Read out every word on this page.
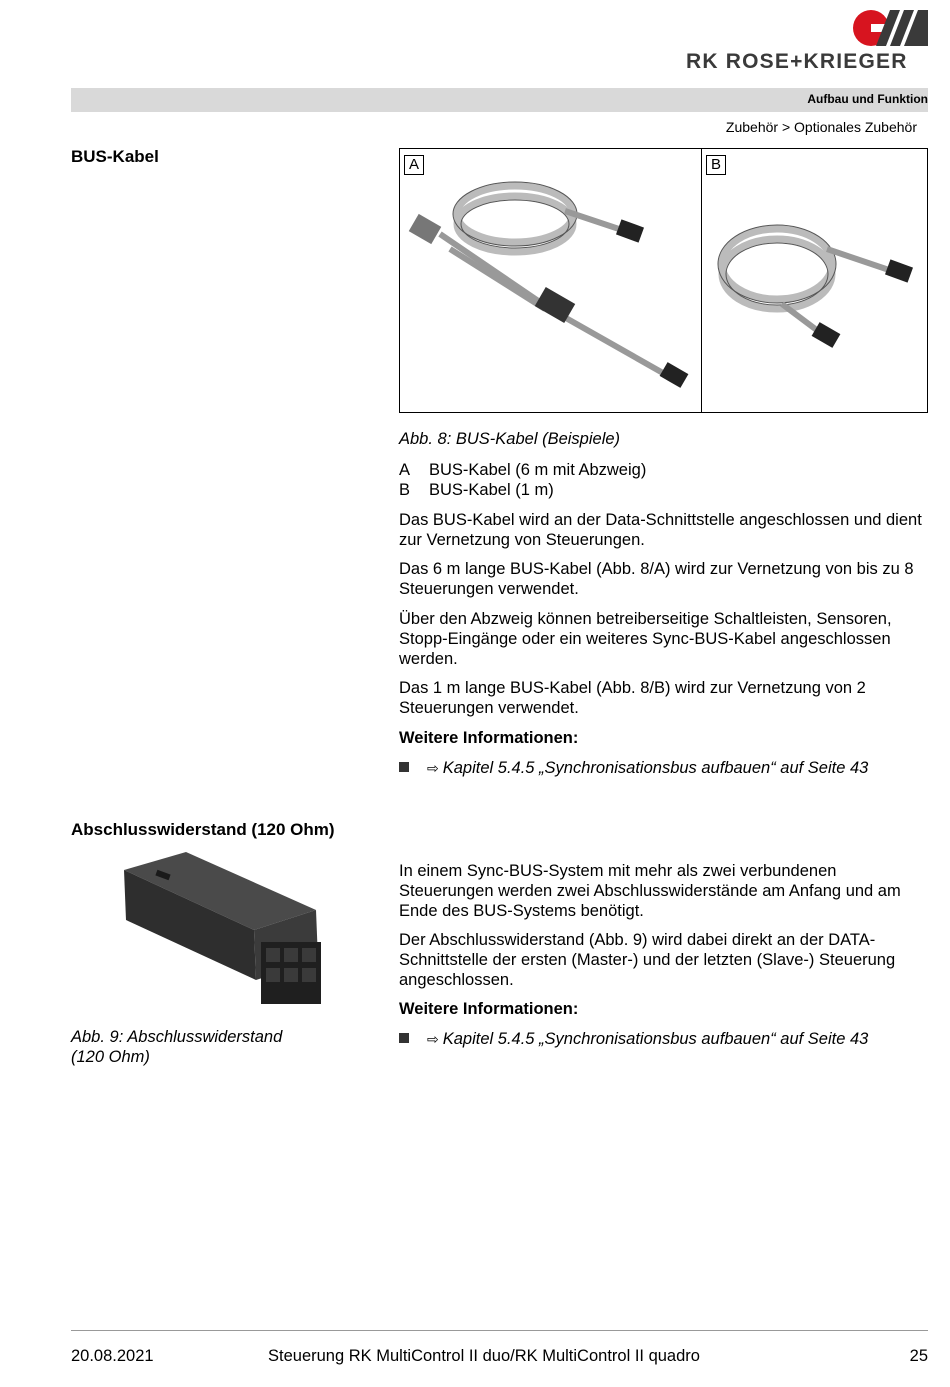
RK ROSE+KRIEGER
Aufbau und Funktion
Zubehör > Optionales Zubehör
BUS-Kabel	A	B
Abb. 8: BUS-Kabel (Beispiele)
A BUS-Kabel (6 m mit Abzweig)
B BUS-Kabel (1 m)

Das BUS-Kabel wird an der Data-Schnittstelle angeschlossen und dient zur Vernetzung von Steuerungen.

Das 6 m lange BUS-Kabel (Abb. 8/A) wird zur Vernetzung von bis zu 8 Steuerungen verwendet.

Über den Abzweig können betreiberseitige Schaltleisten, Sensoren, Stopp-Eingänge oder ein weiteres Sync-BUS-Kabel angeschlossen werden.

Das 1 m lange BUS-Kabel (Abb. 8/B) wird zur Vernetzung von 2 Steuerungen verwendet.

Weitere Informationen:

⇨ Kapitel 5.4.5 „Synchronisationsbus aufbauen“ auf Seite 43
Abschlusswiderstand (120 Ohm)
Abb. 9: Abschlusswiderstand
(120 Ohm)

In einem Sync-BUS-System mit mehr als zwei verbundenen Steuerungen werden zwei Abschlusswiderstände am Anfang und am Ende des BUS-Systems benötigt.

Der Abschlusswiderstand (Abb. 9) wird dabei direkt an der DATA-Schnittstelle der ersten (Master-) und der letzten (Slave-) Steuerung angeschlossen.

Weitere Informationen:

⇨ Kapitel 5.4.5 „Synchronisationsbus aufbauen“ auf Seite 43
20.08.2021	Steuerung RK MultiControl II duo/RK MultiControl II quadro	25
